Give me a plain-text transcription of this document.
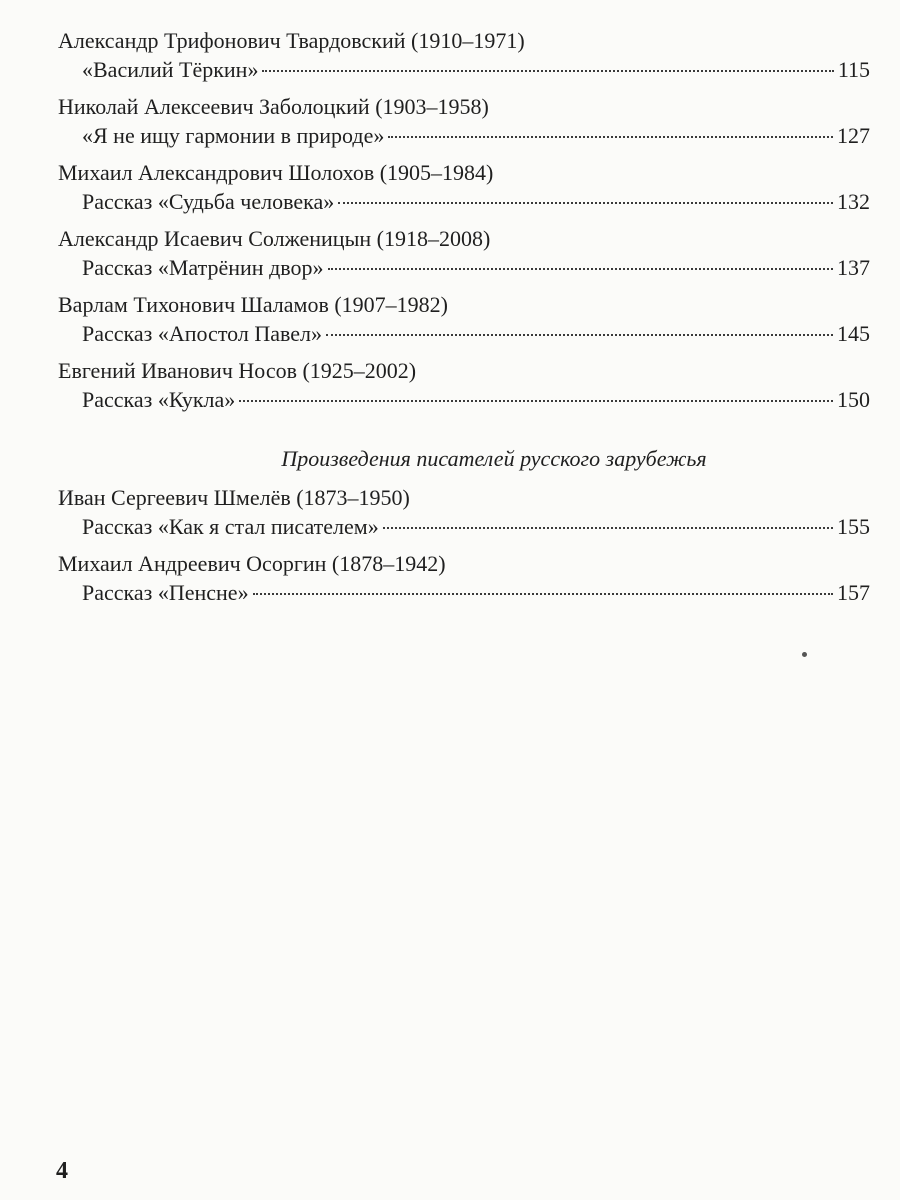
Александр Трифонович Твардовский (1910–1971)
«Василий Тёркин»	115
Николай Алексеевич Заболоцкий (1903–1958)
«Я не ищу гармонии в природе»	127
Михаил Александрович Шолохов (1905–1984)
Рассказ «Судьба человека»	132
Александр Исаевич Солженицын (1918–2008)
Рассказ «Матрёнин двор»	137
Варлам Тихонович Шаламов (1907–1982)
Рассказ «Апостол Павел»	145
Евгений Иванович Носов (1925–2002)
Рассказ «Кукла»	150
Произведения писателей русского зарубежья
Иван Сергеевич Шмелёв (1873–1950)
Рассказ «Как я стал писателем»	155
Михаил Андреевич Осоргин (1878–1942)
Рассказ «Пенсне»	157
4
